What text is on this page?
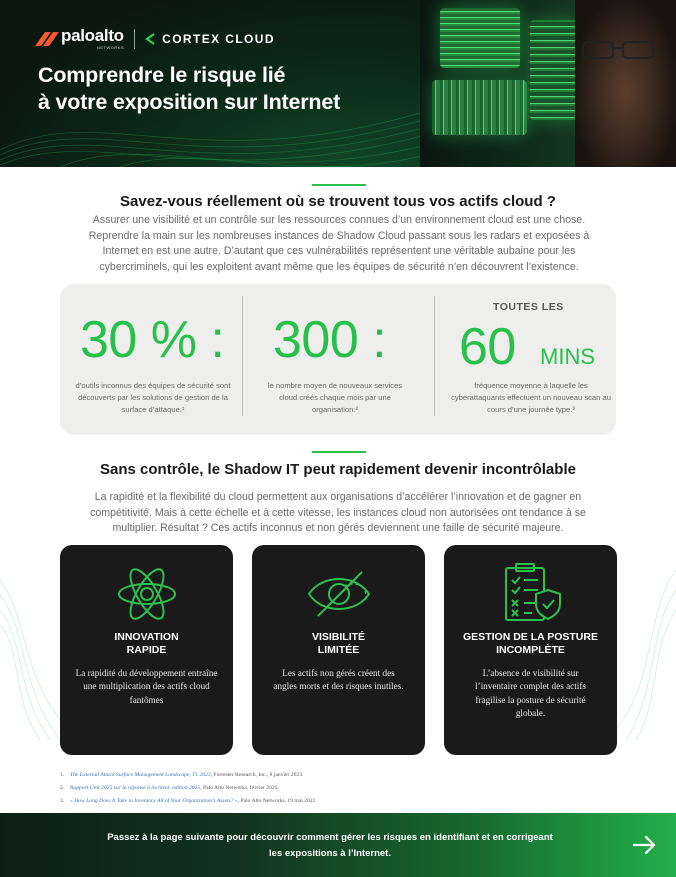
paloalto
NETWORKS
CORTEX CLOUD
Comprendre le risque lié
à votre exposition sur Internet
Savez-vous réellement où se trouvent tous vos actifs cloud ?
Assurer une visibilité et un contrôle sur les ressources connues d’un environnement cloud est une chose. Reprendre la main sur les nombreuses instances de Shadow Cloud passant sous les radars et exposées à Internet en est une autre. D’autant que ces vulnérabilités représentent une véritable aubaine pour les cybercriminels, qui les exploitent avant même que les équipes de sécurité n’en découvrent l’existence.
30 % :
d’outils inconnus des équipes de sécurité sont découverts par les solutions de gestion de la surface d’attaque.¹
300 :
le nombre moyen de nouveaux services cloud créés chaque mois par une organisation.²
TOUTES LES
60 MINS
fréquence moyenne à laquelle les cyberattaquants effectuent un nouveau scan au cours d’une journée type.³
Sans contrôle, le Shadow IT peut rapidement devenir incontrôlable
La rapidité et la flexibilité du cloud permettent aux organisations d’accélérer l’innovation et de gagner en compétitivité. Mais à cette échelle et à cette vitesse, les instances cloud non autorisées ont tendance à se multiplier. Résultat ? Ces actifs inconnus et non gérés deviennent une faille de sécurité majeure.
INNOVATION RAPIDE
La rapidité du développement entraîne une multiplication des actifs cloud fantômes
VISIBILITÉ LIMITÉE
Les actifs non gérés créent des angles morts et des risques inutiles.
GESTION DE LA POSTURE INCOMPLÈTE
L’absence de visibilité sur l’inventaire complet des actifs fragilise la posture de sécurité globale.
1. The External Attack Surface Management Landscape, T1 2023, Forrester Research, Inc., 8 janvier 2023.
2. Rapport Unit 2025 sur la réponse à incident, édition 2025, Palo Alto Networks, février 2025.
3. « How Long Does It Take to Inventory All of Your Organization’s Assets? », Palo Alto Networks, 19 mai 2021.
Passez à la page suivante pour découvrir comment gérer les risques en identifiant et en corrigeant
les expositions à l’Internet.
